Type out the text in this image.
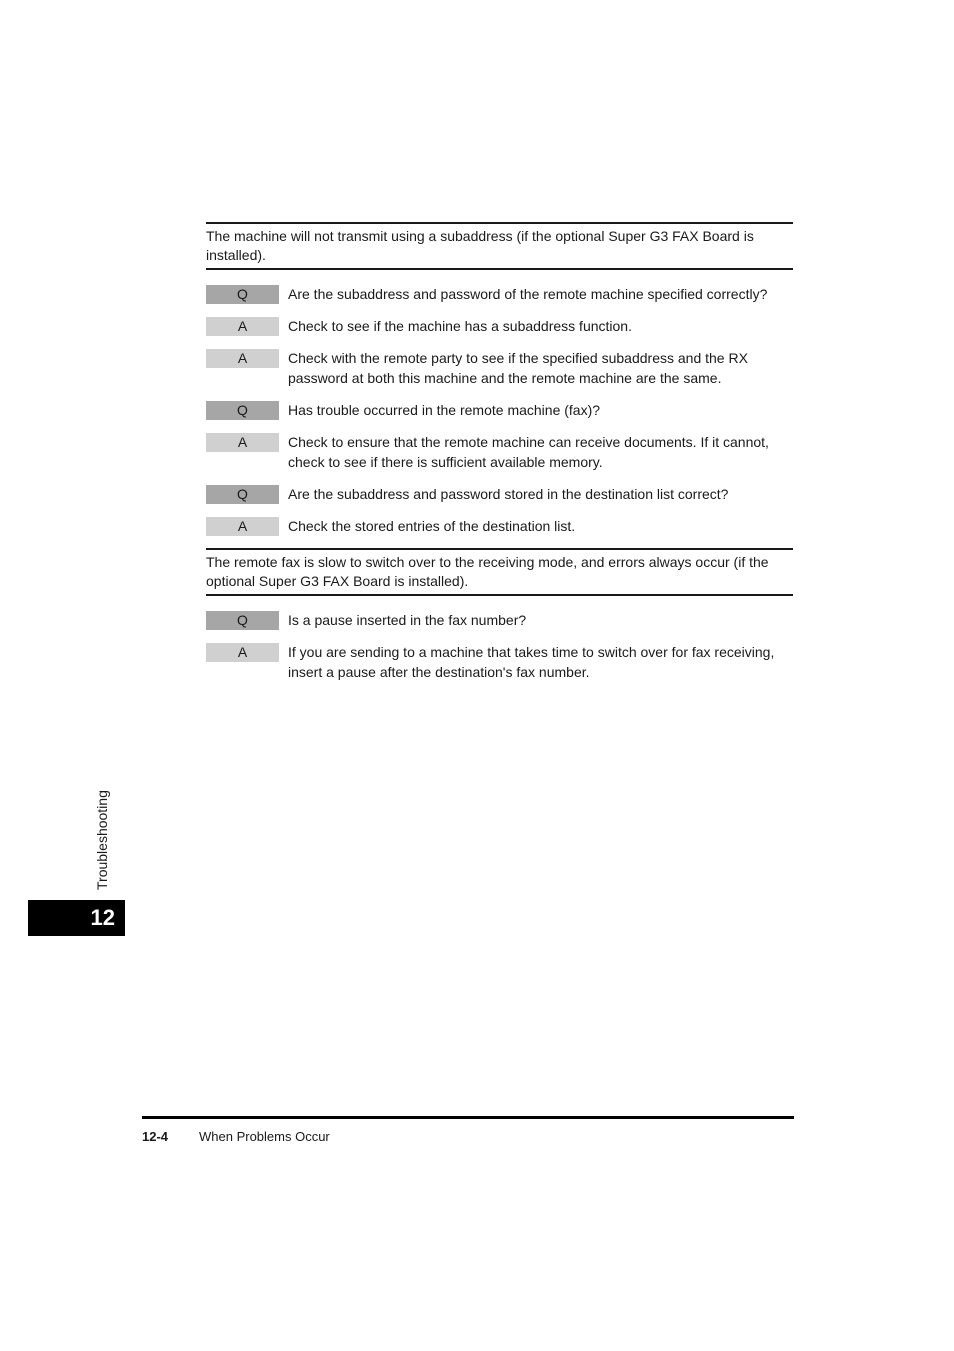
The machine will not transmit using a subaddress (if the optional Super G3 FAX Board is installed).
Q	Are the subaddress and password of the remote machine specified correctly?
A	Check to see if the machine has a subaddress function.
A	Check with the remote party to see if the specified subaddress and the RX password at both this machine and the remote machine are the same.
Q	Has trouble occurred in the remote machine (fax)?
A	Check to ensure that the remote machine can receive documents. If it cannot, check to see if there is sufficient available memory.
Q	Are the subaddress and password stored in the destination list correct?
A	Check the stored entries of the destination list.
The remote fax is slow to switch over to the receiving mode, and errors always occur (if the optional Super G3 FAX Board is installed).
Q	Is a pause inserted in the fax number?
A	If you are sending to a machine that takes time to switch over for fax receiving, insert a pause after the destination's fax number.
Troubleshooting
12
12-4 When Problems Occur
